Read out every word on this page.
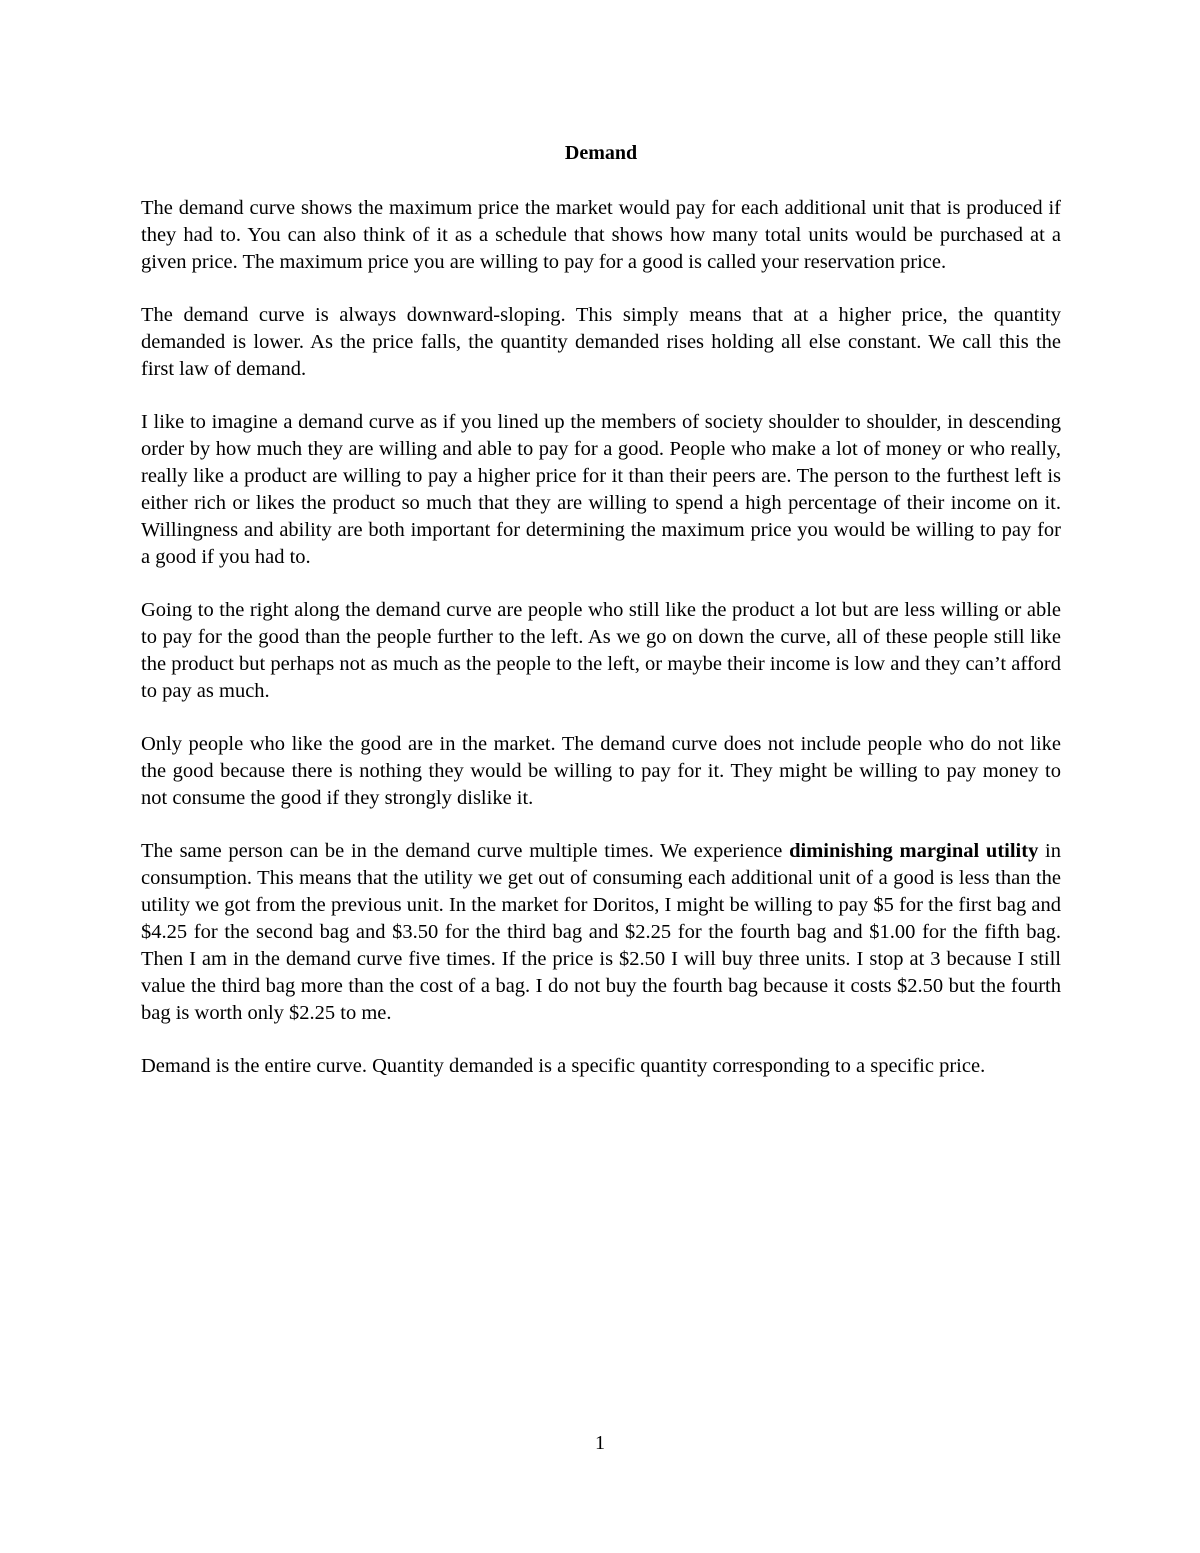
Demand

The demand curve shows the maximum price the market would pay for each additional unit that is produced if they had to. You can also think of it as a schedule that shows how many total units would be purchased at a given price. The maximum price you are willing to pay for a good is called your reservation price.

The demand curve is always downward-sloping. This simply means that at a higher price, the quantity demanded is lower. As the price falls, the quantity demanded rises holding all else constant. We call this the first law of demand.

I like to imagine a demand curve as if you lined up the members of society shoulder to shoulder, in descending order by how much they are willing and able to pay for a good. People who make a lot of money or who really, really like a product are willing to pay a higher price for it than their peers are. The person to the furthest left is either rich or likes the product so much that they are willing to spend a high percentage of their income on it. Willingness and ability are both important for determining the maximum price you would be willing to pay for a good if you had to.

Going to the right along the demand curve are people who still like the product a lot but are less willing or able to pay for the good than the people further to the left. As we go on down the curve, all of these people still like the product but perhaps not as much as the people to the left, or maybe their income is low and they can’t afford to pay as much.

Only people who like the good are in the market. The demand curve does not include people who do not like the good because there is nothing they would be willing to pay for it. They might be willing to pay money to not consume the good if they strongly dislike it.

The same person can be in the demand curve multiple times. We experience diminishing marginal utility in consumption. This means that the utility we get out of consuming each additional unit of a good is less than the utility we got from the previous unit. In the market for Doritos, I might be willing to pay $5 for the first bag and $4.25 for the second bag and $3.50 for the third bag and $2.25 for the fourth bag and $1.00 for the fifth bag. Then I am in the demand curve five times. If the price is $2.50 I will buy three units. I stop at 3 because I still value the third bag more than the cost of a bag. I do not buy the fourth bag because it costs $2.50 but the fourth bag is worth only $2.25 to me.

Demand is the entire curve. Quantity demanded is a specific quantity corresponding to a specific price.

1
